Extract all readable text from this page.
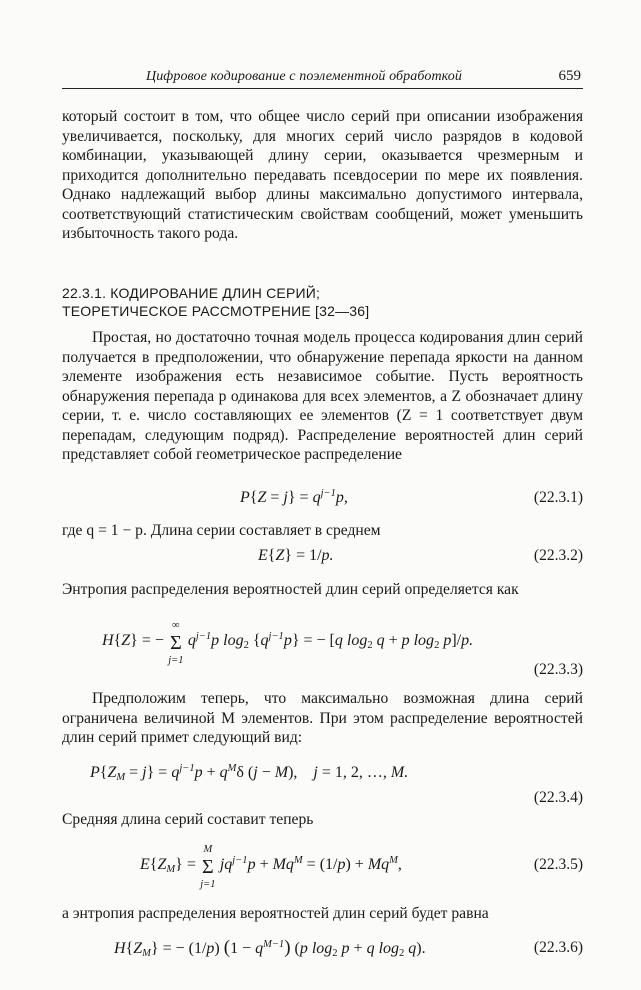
Цифровое кодирование с поэлементной обработкой	659

который состоит в том, что общее число серий при описании изображения увеличивается, поскольку, для многих серий число разрядов в кодовой комбинации, указывающей длину серии, оказывается чрезмерным и приходится дополнительно передавать псевдосерии по мере их появления. Однако надлежащий выбор длины максимально допустимого интервала, соответствующий статистическим свойствам сообщений, может уменьшить избыточность такого рода.

22.3.1. КОДИРОВАНИЕ ДЛИН СЕРИЙ;
ТЕОРЕТИЧЕСКОЕ РАССМОТРЕНИЕ [32—36]

Простая, но достаточно точная модель процесса кодирования длин серий получается в предположении, что обнаружение перепада яркости на данном элементе изображения есть независимое событие. Пусть вероятность обнаружения перепада p одинакова для всех элементов, а Z обозначает длину серии, т. е. число составляющих ее элементов (Z = 1 соответствует двум перепадам, следующим подряд). Распределение вероятностей длин серий представляет собой геометрическое распределение

$P\{Z = j\} = q^{j-1}p$,	(22.3.1)

где q = 1 − p. Длина серии составляет в среднем

E{Z} = 1/p.	(22.3.2)

Энтропия распределения вероятностей длин серий определяется как

H{Z} = −
∞
Σ
j=1
$q^{j-1}p$ $\log_2 \{q^{j-1}p\}$ = − [q $\log_2 q + p$ $\log_2 p]/p$.
(22.3.3)

Предположим теперь, что максимально возможная длина серий ограничена величиной M элементов. При этом распределение вероятностей длин серий примет следующий вид:

$P\{Z_M = j\} = q^{j-1}p + q^M\delta$ (j − M),    j = 1, 2, …, M.
(22.3.4)

Средняя длина серий составит теперь

$E\{Z_M\}$ =
M
Σ
j=1
$jq^{j-1}p + Mq^M = (1/p) + Mq^M$,	(22.3.5)

а энтропия распределения вероятностей длин серий будет равна

$H\{Z_M\}$ = − (1/p) $(1 - q^{M-1})$ (p $\log_2 p + q$ $\log_2 q$).	(22.3.6)
